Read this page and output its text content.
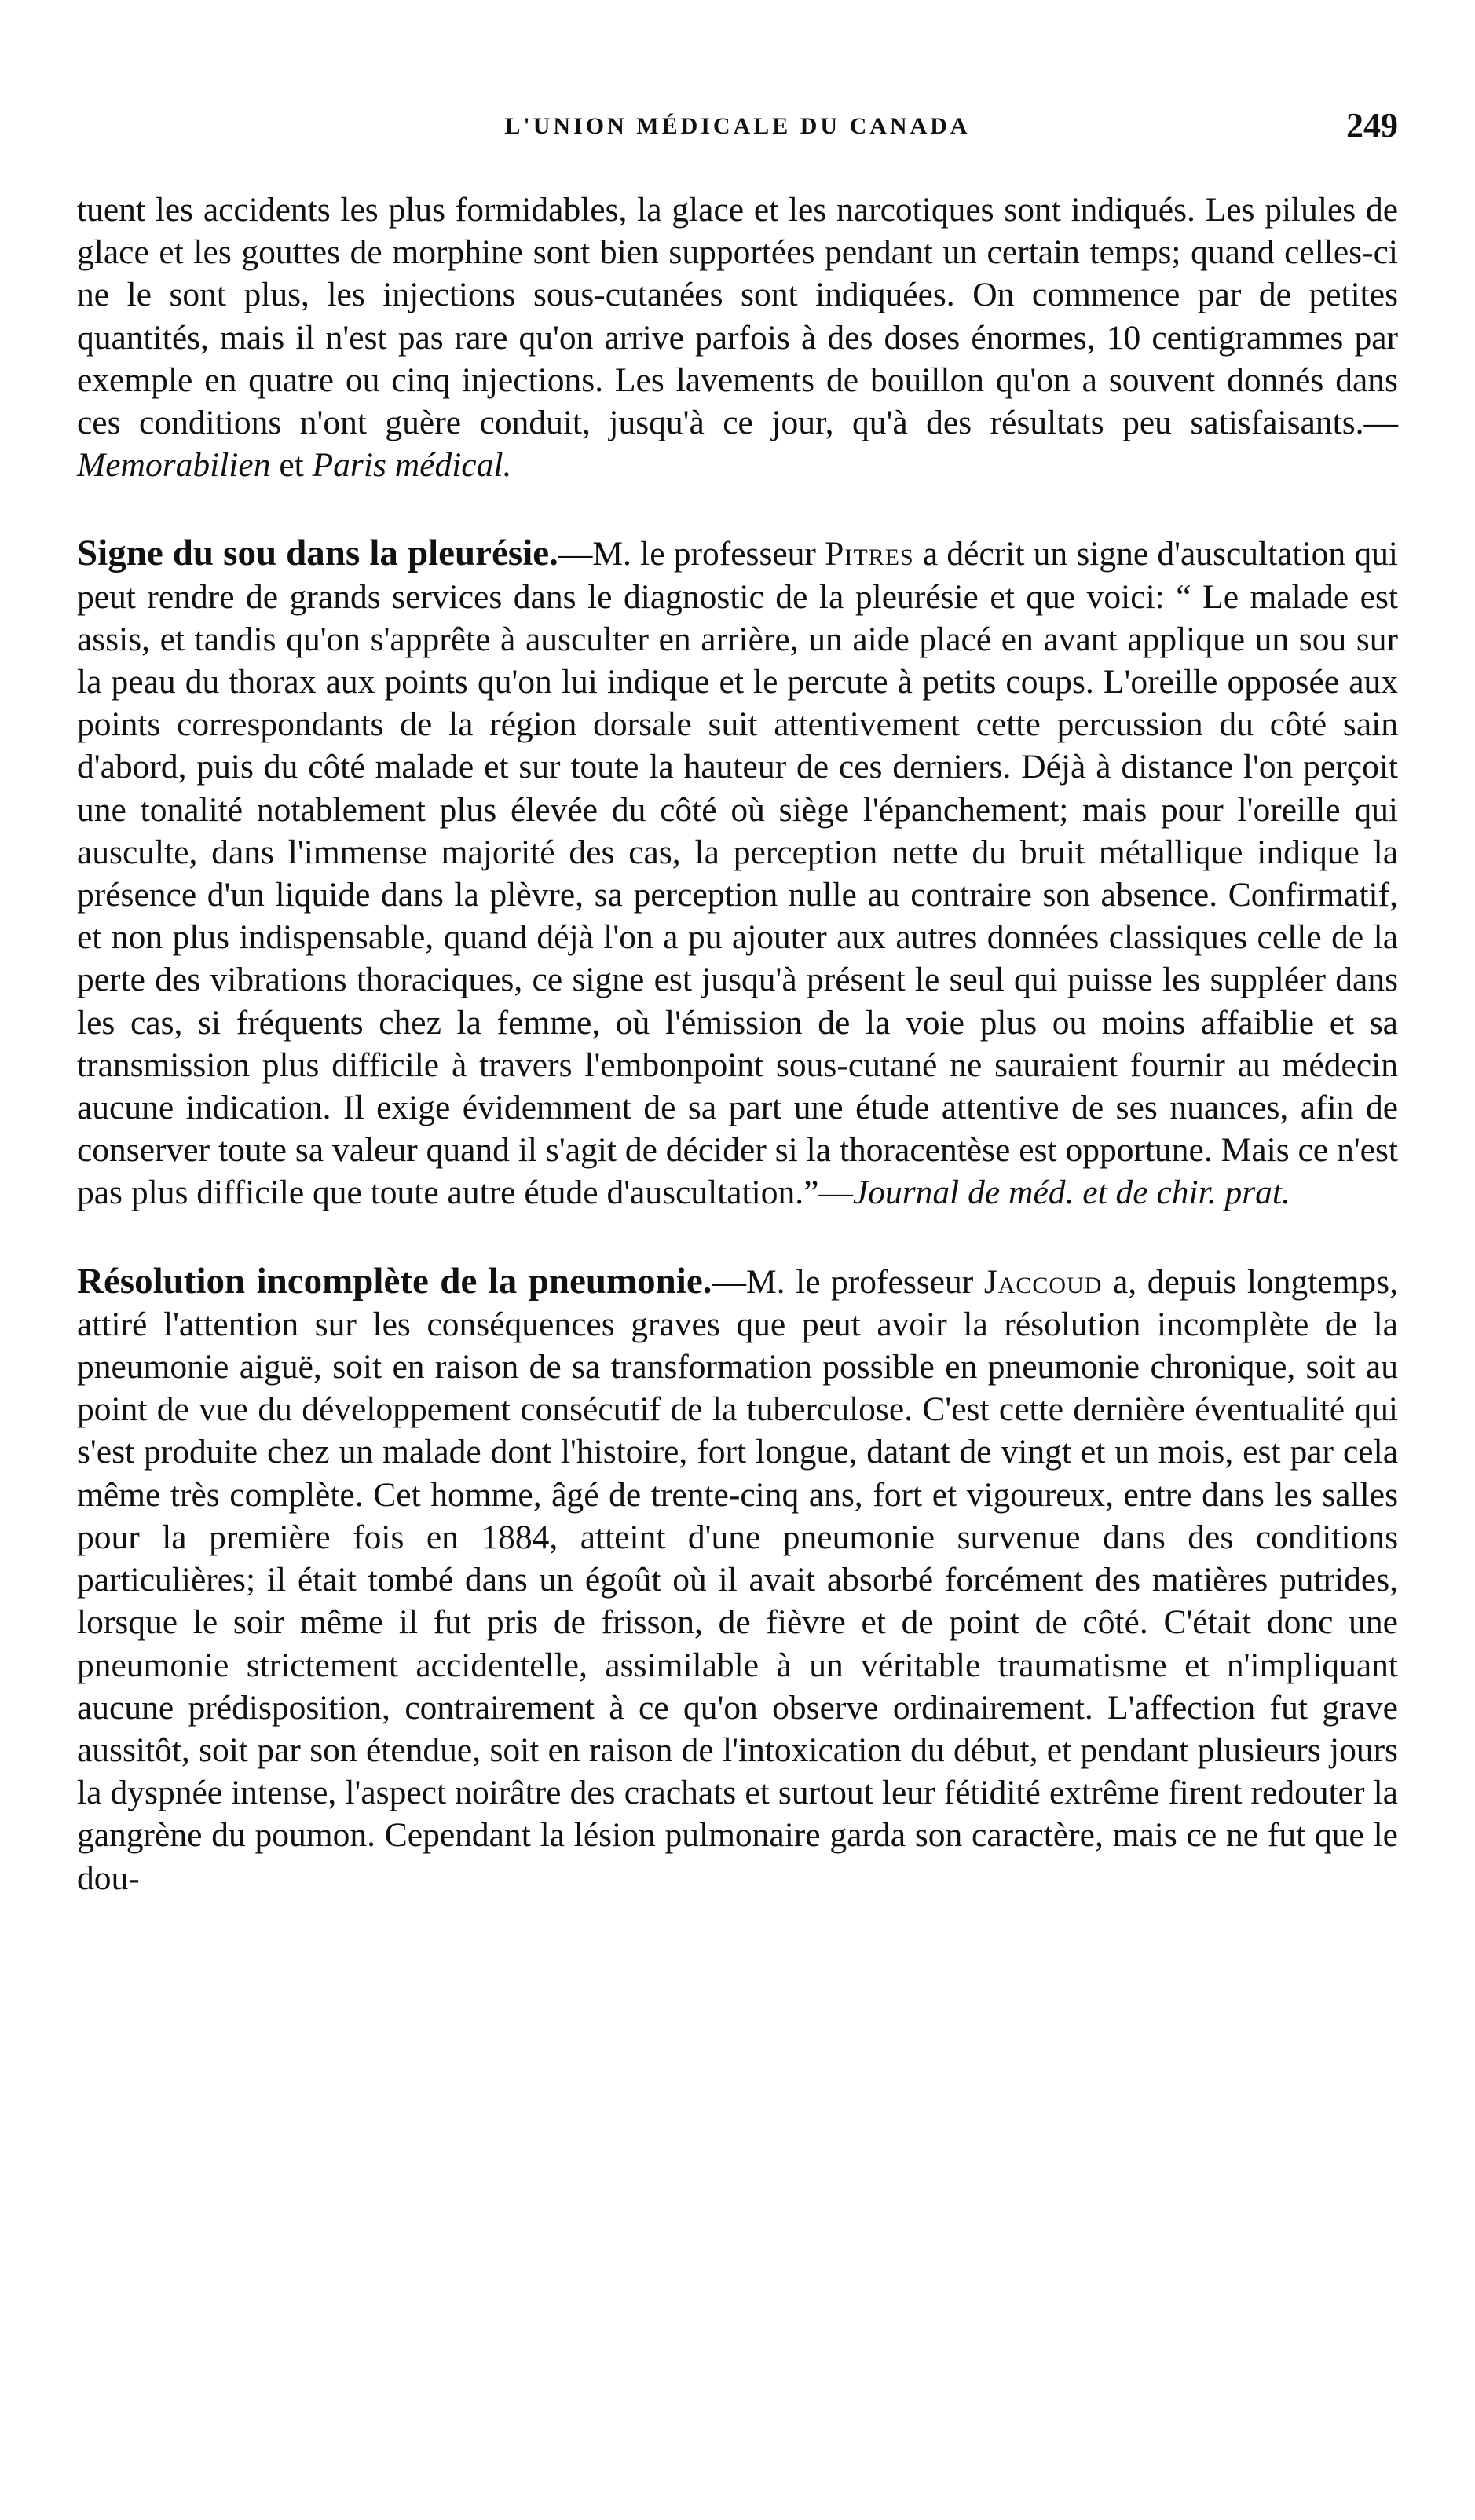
L'UNION MÉDICALE DU CANADA	249

tuent les accidents les plus formidables, la glace et les narcotiques sont indiqués. Les pilules de glace et les gouttes de morphine sont bien supportées pendant un certain temps; quand celles-ci ne le sont plus, les injections sous-cutanées sont indiquées. On commence par de petites quantités, mais il n'est pas rare qu'on arrive parfois à des doses énormes, 10 centigrammes par exemple en quatre ou cinq injections. Les lavements de bouillon qu'on a souvent donnés dans ces conditions n'ont guère conduit, jusqu'à ce jour, qu'à des résultats peu satisfaisants.—Memorabilien et Paris médical.

Signe du sou dans la pleurésie.—M. le professeur Pitres a décrit un signe d'auscultation qui peut rendre de grands services dans le diagnostic de la pleurésie et que voici: “ Le malade est assis, et tandis qu'on s'apprête à ausculter en arrière, un aide placé en avant applique un sou sur la peau du thorax aux points qu'on lui indique et le percute à petits coups. L'oreille opposée aux points correspondants de la région dorsale suit attentivement cette percussion du côté sain d'abord, puis du côté malade et sur toute la hauteur de ces derniers. Déjà à distance l'on perçoit une tonalité notablement plus élevée du côté où siège l'épanchement; mais pour l'oreille qui ausculte, dans l'immense majorité des cas, la perception nette du bruit métallique indique la présence d'un liquide dans la plèvre, sa perception nulle au contraire son absence. Confirmatif, et non plus indispensable, quand déjà l'on a pu ajouter aux autres données classiques celle de la perte des vibrations thoraciques, ce signe est jusqu'à présent le seul qui puisse les suppléer dans les cas, si fréquents chez la femme, où l'émission de la voie plus ou moins affaiblie et sa transmission plus difficile à travers l'embonpoint sous-cutané ne sauraient fournir au médecin aucune indication. Il exige évidemment de sa part une étude attentive de ses nuances, afin de conserver toute sa valeur quand il s'agit de décider si la thoracentèse est opportune. Mais ce n'est pas plus difficile que toute autre étude d'auscultation.”—Journal de méd. et de chir. prat.

Résolution incomplète de la pneumonie.—M. le professeur Jaccoud a, depuis longtemps, attiré l'attention sur les conséquences graves que peut avoir la résolution incomplète de la pneumonie aiguë, soit en raison de sa transformation possible en pneumonie chronique, soit au point de vue du développement consécutif de la tuberculose. C'est cette dernière éventualité qui s'est produite chez un malade dont l'histoire, fort longue, datant de vingt et un mois, est par cela même très complète. Cet homme, âgé de trente-cinq ans, fort et vigoureux, entre dans les salles pour la première fois en 1884, atteint d'une pneumonie survenue dans des conditions particulières; il était tombé dans un égoût où il avait absorbé forcément des matières putrides, lorsque le soir même il fut pris de frisson, de fièvre et de point de côté. C'était donc une pneumonie strictement accidentelle, assimilable à un véritable traumatisme et n'impliquant aucune prédisposition, contrairement à ce qu'on observe ordinairement. L'affection fut grave aussitôt, soit par son étendue, soit en raison de l'intoxication du début, et pendant plusieurs jours la dyspnée intense, l'aspect noirâtre des crachats et surtout leur fétidité extrême firent redouter la gangrène du poumon. Cependant la lésion pulmonaire garda son caractère, mais ce ne fut que le dou-
